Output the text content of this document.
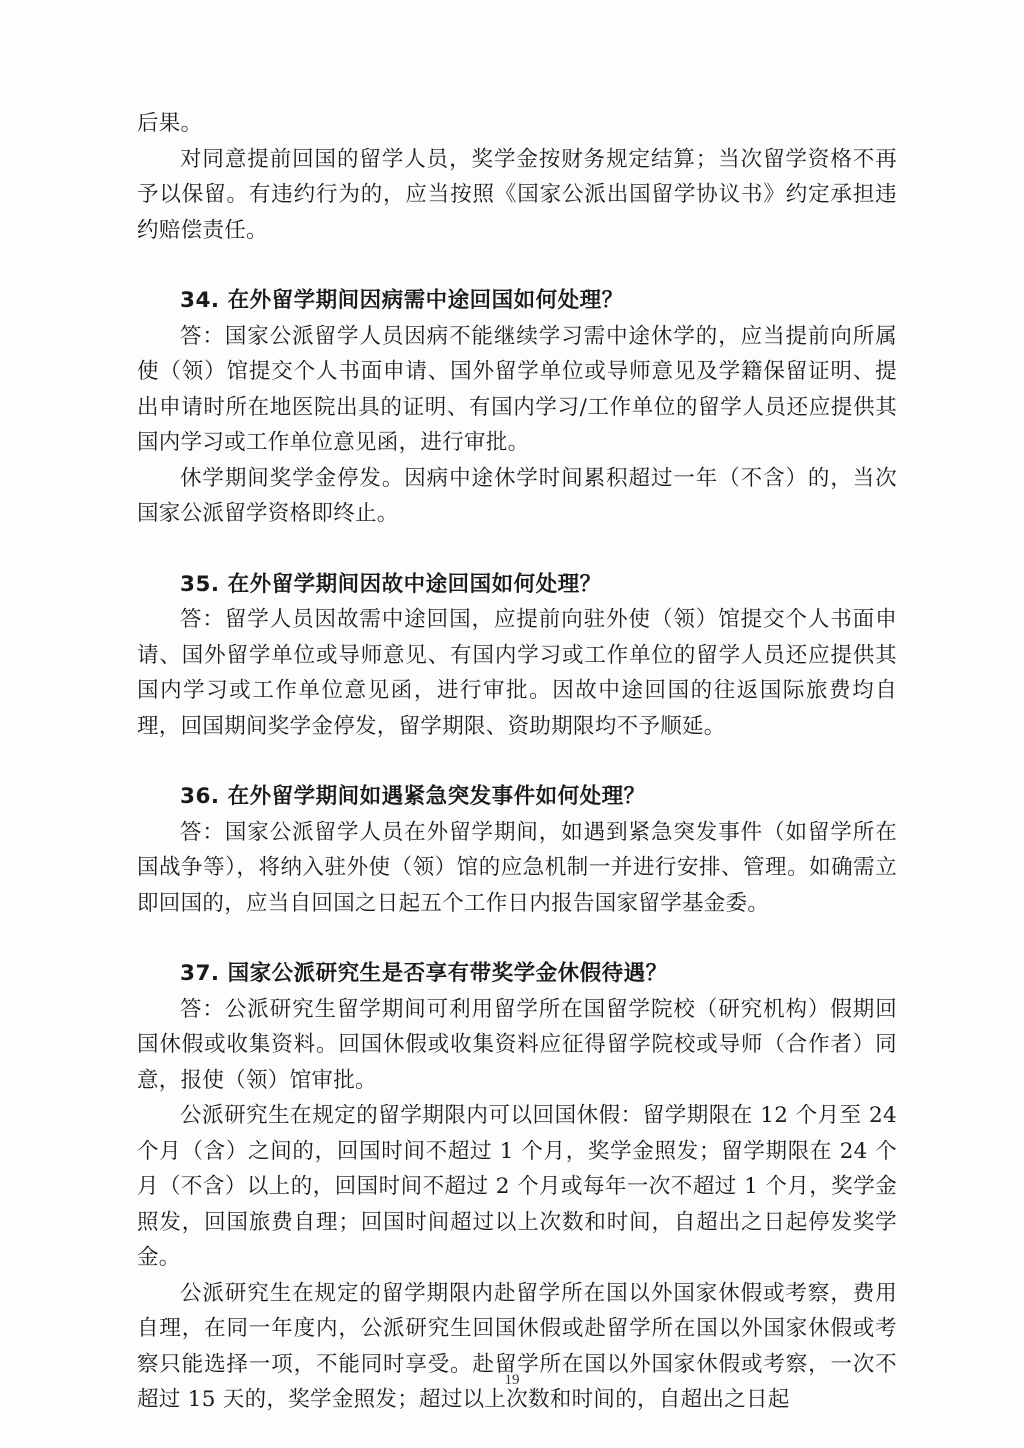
后果。

对同意提前回国的留学人员，奖学金按财务规定结算；当次留学资格不再予以保留。有违约行为的，应当按照《国家公派出国留学协议书》约定承担违约赔偿责任。

34. 在外留学期间因病需中途回国如何处理？

答：国家公派留学人员因病不能继续学习需中途休学的，应当提前向所属使（领）馆提交个人书面申请、国外留学单位或导师意见及学籍保留证明、提出申请时所在地医院出具的证明、有国内学习/工作单位的留学人员还应提供其国内学习或工作单位意见函，进行审批。

休学期间奖学金停发。因病中途休学时间累积超过一年（不含）的，当次国家公派留学资格即终止。

35. 在外留学期间因故中途回国如何处理？

答：留学人员因故需中途回国，应提前向驻外使（领）馆提交个人书面申请、国外留学单位或导师意见、有国内学习或工作单位的留学人员还应提供其国内学习或工作单位意见函，进行审批。因故中途回国的往返国际旅费均自理，回国期间奖学金停发，留学期限、资助期限均不予顺延。

36. 在外留学期间如遇紧急突发事件如何处理？

答：国家公派留学人员在外留学期间，如遇到紧急突发事件（如留学所在国战争等），将纳入驻外使（领）馆的应急机制一并进行安排、管理。如确需立即回国的，应当自回国之日起五个工作日内报告国家留学基金委。

37. 国家公派研究生是否享有带奖学金休假待遇？

答：公派研究生留学期间可利用留学所在国留学院校（研究机构）假期回国休假或收集资料。回国休假或收集资料应征得留学院校或导师（合作者）同意，报使（领）馆审批。

公派研究生在规定的留学期限内可以回国休假：留学期限在 12 个月至 24 个月（含）之间的，回国时间不超过 1 个月，奖学金照发；留学期限在 24 个月（不含）以上的，回国时间不超过 2 个月或每年一次不超过 1 个月，奖学金照发，回国旅费自理；回国时间超过以上次数和时间，自超出之日起停发奖学金。

公派研究生在规定的留学期限内赴留学所在国以外国家休假或考察，费用自理，在同一年度内，公派研究生回国休假或赴留学所在国以外国家休假或考察只能选择一项，不能同时享受。赴留学所在国以外国家休假或考察，一次不超过 15 天的，奖学金照发；超过以上次数和时间的，自超出之日起

19
